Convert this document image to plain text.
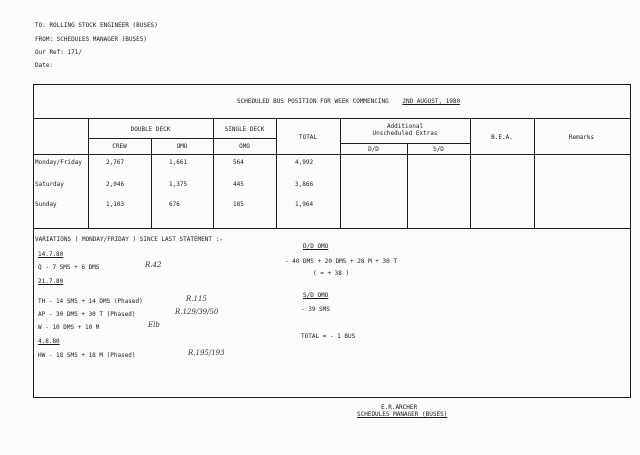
TO: ROLLING STOCK ENGINEER (BUSES)
FROM: SCHEDULES MANAGER (BUSES)
Our Ref: 171/
Date:
SCHEDULED BUS POSITION FOR WEEK COMMENCING 2ND AUGUST, 1980
DOUBLE DECK	SINGLE DECK
CREW	OMO	OMO
TOTAL
Additional
Unscheduled Extras
D/D	S/D
B.E.A.	Remarks
Monday/Friday	2,767	1,661	564	4,992
Saturday	2,046	1,375	445	3,866
Sunday	1,103	676	185	1,964
VARIATIONS ( MONDAY/FRIDAY ) SINCE LAST STATEMENT :-
14.7.80
Q - 7 SMS + 6 DMS	R.42
21.7.80
TH - 14 SMS + 14 DMS (Phased)	R.115
AP - 30 DMS + 30 T (Phased)	R.129/39/50
W - 10 DMS + 10 M	Elb
4.8.80
HW - 18 SMS + 18 M (Phased)	R.195/193
D/D OMO
- 40 DMS + 20 DMS + 28 M + 30 T
( = + 38 )
S/D OMO
- 39 SMS
TOTAL = - 1 BUS
E.R.ARCHER
SCHEDULES MANAGER (BUSES)
